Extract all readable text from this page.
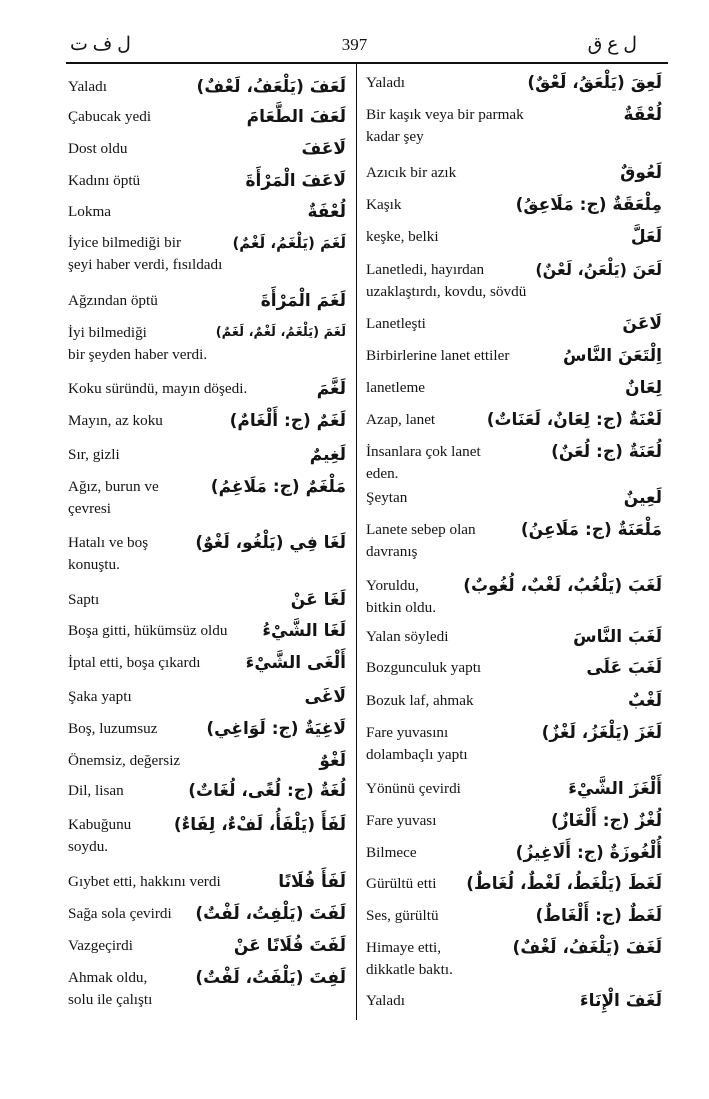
ل ف ت	397	ل ع ق
Yaladı	لَعَفَ (يَلْعَفُ، لَعْفٌ)
Çabucak yedi	لَعَفَ الطَّعَامَ
Dost oldu	لَاعَفَ
Kadını öptü	لَاعَفَ الْمَرْأَةَ
Lokma	لُعْفَةٌ
İyice bilmediği bir
şeyi haber verdi, fısıldadı
لَغَمَ (يَلْغَمُ، لَغْمٌ)
Ağzından öptü	لَغَمَ الْمَرْأَةَ
İyi bilmediği
bir şeyden haber verdi.
لَغَمَ (يَلْغَمُ، لَغْمٌ، لَغَمٌ)
Koku süründü, mayın döşedi.	لَغَّمَ
Mayın, az koku	لَغَمٌ (ج: أَلْغَامٌ)
Sır, gizli	لَغِيمٌ
Ağız, burun ve
çevresi
مَلْغَمٌ (ج: مَلَاغِمُ)
Hatalı ve boş
konuştu.
لَغَا فِي (يَلْغُو، لَغْوٌ)
Saptı	لَغَا عَنْ
Boşa gitti, hükümsüz oldu لَغَا الشَّيْءُ
İptal etti, boşa çıkardı	أَلْغَى الشَّيْءَ
Şaka yaptı	لَاغَى
Boş, luzumsuz	لَاغِيَةٌ (ج: لَوَاغِي)
Önemsiz, değersiz	لَغْوٌ
Dil, lisan	لُغَةٌ (ج: لُغًى، لُغَاتٌ)
Kabuğunu
soydu.
لَفَأَ (يَلْفَأُ، لَفْءٌ، لِفَاءٌ)
Gıybet etti, hakkını verdi	لَفَأَ فُلَانًا
Sağa sola çevirdi لَفَتَ (يَلْفِتُ، لَفْتٌ)
Vazgeçirdi	لَفَتَ فُلَانًا عَنْ
Ahmak oldu,
solu ile çalıştı
لَفِتَ (يَلْفَتُ، لَفْتٌ)
Yaladı	لَعِقَ (يَلْعَقُ، لَعْقٌ)
Bir kaşık veya bir parmak
kadar şey
لُعْقَةٌ
Azıcık bir azık	لَعُوقٌ
Kaşık	مِلْعَقَةٌ (ج: مَلَاعِقُ)
keşke, belki	لَعَلَّ
Lanetledi, hayırdan
uzaklaştırdı, kovdu, sövdü
لَعَنَ (يَلْعَنُ، لَعْنٌ)
Lanetleşti	لَاعَنَ
Birbirlerine lanet ettiler	اِلْتَعَنَ النَّاسُ
lanetleme	لِعَانٌ
Azap, lanet	لَعْنَةٌ (ج: لِعَانٌ، لَعَنَاتٌ)
İnsanlara çok lanet
eden.
لُعَنَةٌ (ج: لُعَنٌ)
Şeytan	لَعِينٌ
Lanete sebep olan
davranış
مَلْعَنَةٌ (ج: مَلَاعِنُ)
Yoruldu,
bitkin oldu.
لَغَبَ (يَلْغُبُ، لَغْبٌ، لُغُوبٌ)
Yalan söyledi	لَغَبَ النَّاسَ
Bozgunculuk yaptı	لَغَبَ عَلَى
Bozuk laf, ahmak	لَغْبٌ
Fare yuvasını
dolambaçlı yaptı
لَغَزَ (يَلْغَزُ، لَغْزٌ)
Yönünü çevirdi	أَلْغَزَ الشَّيْءَ
Fare yuvası	لُغْزٌ (ج: أَلْغَازٌ)
Bilmece	أُلْغُوزَةٌ (ج: أَلَاغِيزُ)
Gürültü etti لَغَطَ (يَلْغَطُ، لَغْطٌ، لُغَاطٌ)
Ses, gürültü	لَغَطٌ (ج: أَلْغَاطٌ)
Himaye etti,
dikkatle baktı.
لَغَفَ (يَلْغَفُ، لَغْفٌ)
Yaladı	لَغَفَ الْإِنَاءَ
